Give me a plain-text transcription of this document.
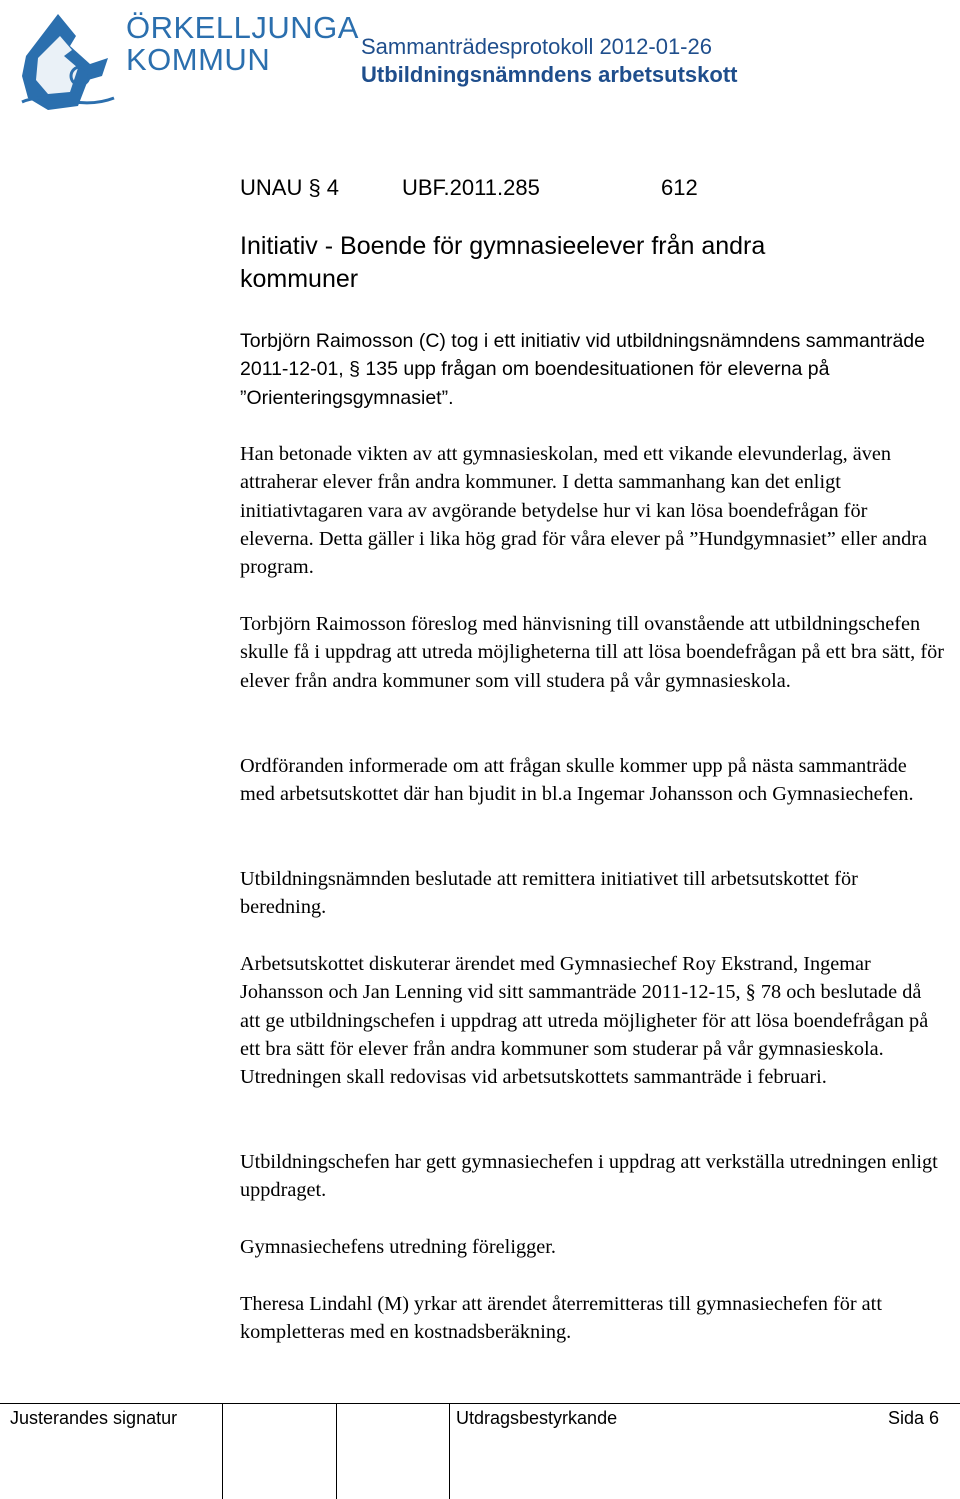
ÖRKELLJUNGA
KOMMUN	Sammanträdesprotokoll 2012-01-26
Utbildningsnämndens arbetsutskott
UNAU § 4	UBF.2011.285	612
Initiativ - Boende för gymnasieelever från andra kommuner

Torbjörn Raimosson (C) tog i ett initiativ vid utbildningsnämndens sammanträde 2011-12-01, § 135 upp frågan om boendesituationen för eleverna på ”Orienteringsgymnasiet”.

Han betonade vikten av att gymnasieskolan, med ett vikande elevunderlag, även attraherar elever från andra kommuner. I detta sammanhang kan det enligt initiativtagaren vara av avgörande betydelse hur vi kan lösa boendefrågan för eleverna. Detta gäller i lika hög grad för våra elever på ”Hundgymnasiet” eller andra program.

Torbjörn Raimosson föreslog med hänvisning till ovanstående att utbildningschefen skulle få i uppdrag att utreda möjligheterna till att lösa boendefrågan på ett bra sätt, för elever från andra kommuner som vill studera på vår gymnasieskola.

Ordföranden informerade om att frågan skulle kommer upp på nästa sammanträde med arbetsutskottet där han bjudit in bl.a Ingemar Johansson och Gymnasiechefen.

Utbildningsnämnden beslutade att remittera initiativet till arbetsutskottet för beredning.

Arbetsutskottet diskuterar ärendet med Gymnasiechef Roy Ekstrand, Ingemar Johansson och Jan Lenning vid sitt sammanträde 2011-12-15, § 78 och beslutade då att ge utbildningschefen i uppdrag att utreda möjligheter för att lösa boendefrågan på ett bra sätt för elever från andra kommuner som studerar på vår gymnasieskola. Utredningen skall redovisas vid arbetsutskottets sammanträde i februari.

Utbildningschefen har gett gymnasiechefen i uppdrag att verkställa utredningen enligt uppdraget.

Gymnasiechefens utredning föreligger.

Theresa Lindahl (M) yrkar att ärendet återremitteras till gymnasiechefen för att kompletteras med en kostnadsberäkning.

Justerandes signatur	Utdragsbestyrkande	Sida 6
